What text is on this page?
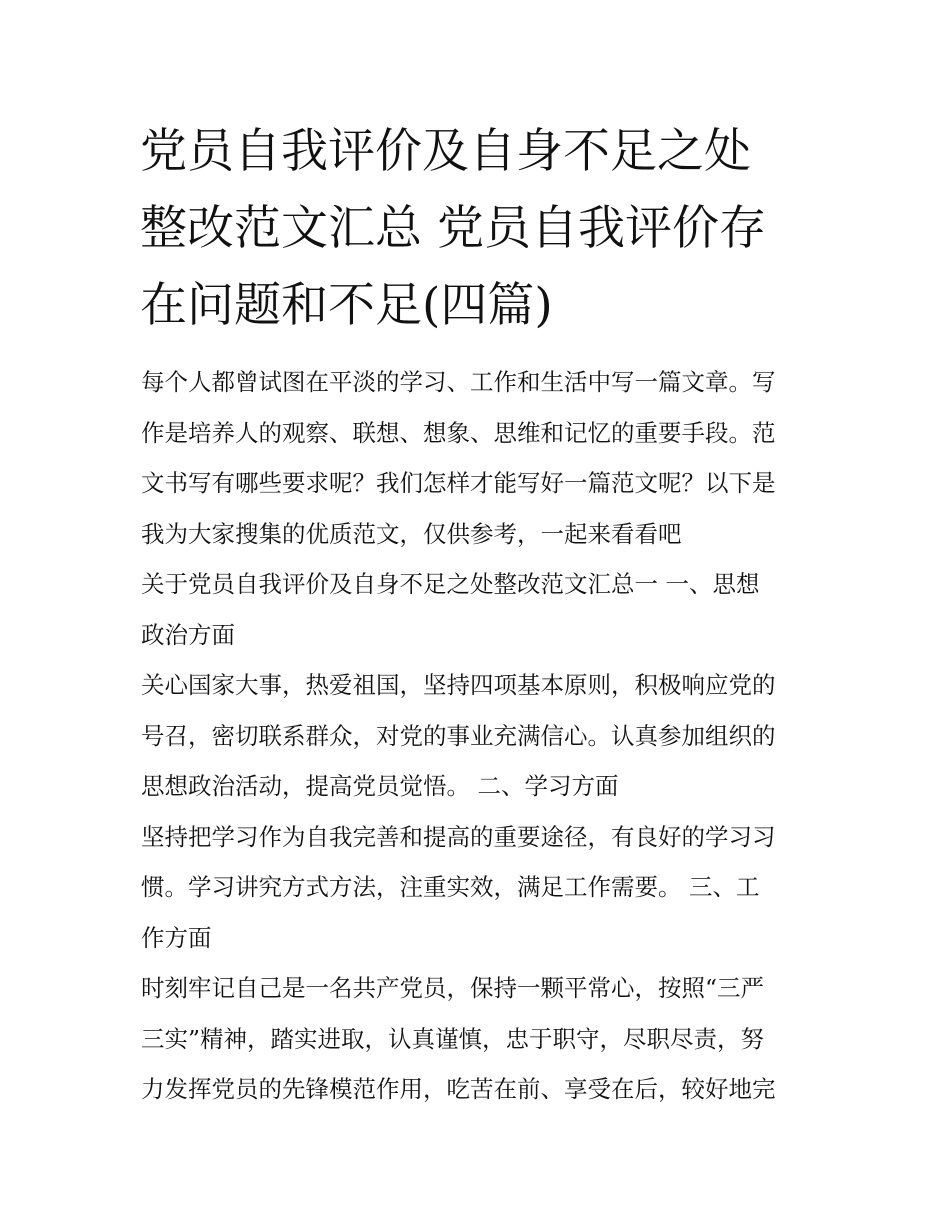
党员自我评价及自身不足之处
整改范文汇总 党员自我评价存
在问题和不足(四篇)
每个人都曾试图在平淡的学习、工作和生活中写一篇文章。写
作是培养人的观察、联想、想象、思维和记忆的重要手段。范
文书写有哪些要求呢？我们怎样才能写好一篇范文呢？以下是
我为大家搜集的优质范文，仅供参考，一起来看看吧
关于党员自我评价及自身不足之处整改范文汇总一 一、思想
政治方面
关心国家大事，热爱祖国，坚持四项基本原则，积极响应党的
号召，密切联系群众，对党的事业充满信心。认真参加组织的
思想政治活动，提高党员觉悟。 二、学习方面
坚持把学习作为自我完善和提高的重要途径，有良好的学习习
惯。学习讲究方式方法，注重实效，满足工作需要。 三、工
作方面
时刻牢记自己是一名共产党员，保持一颗平常心，按照“三严
三实”精神，踏实进取，认真谨慎，忠于职守，尽职尽责，努
力发挥党员的先锋模范作用，吃苦在前、享受在后，较好地完
